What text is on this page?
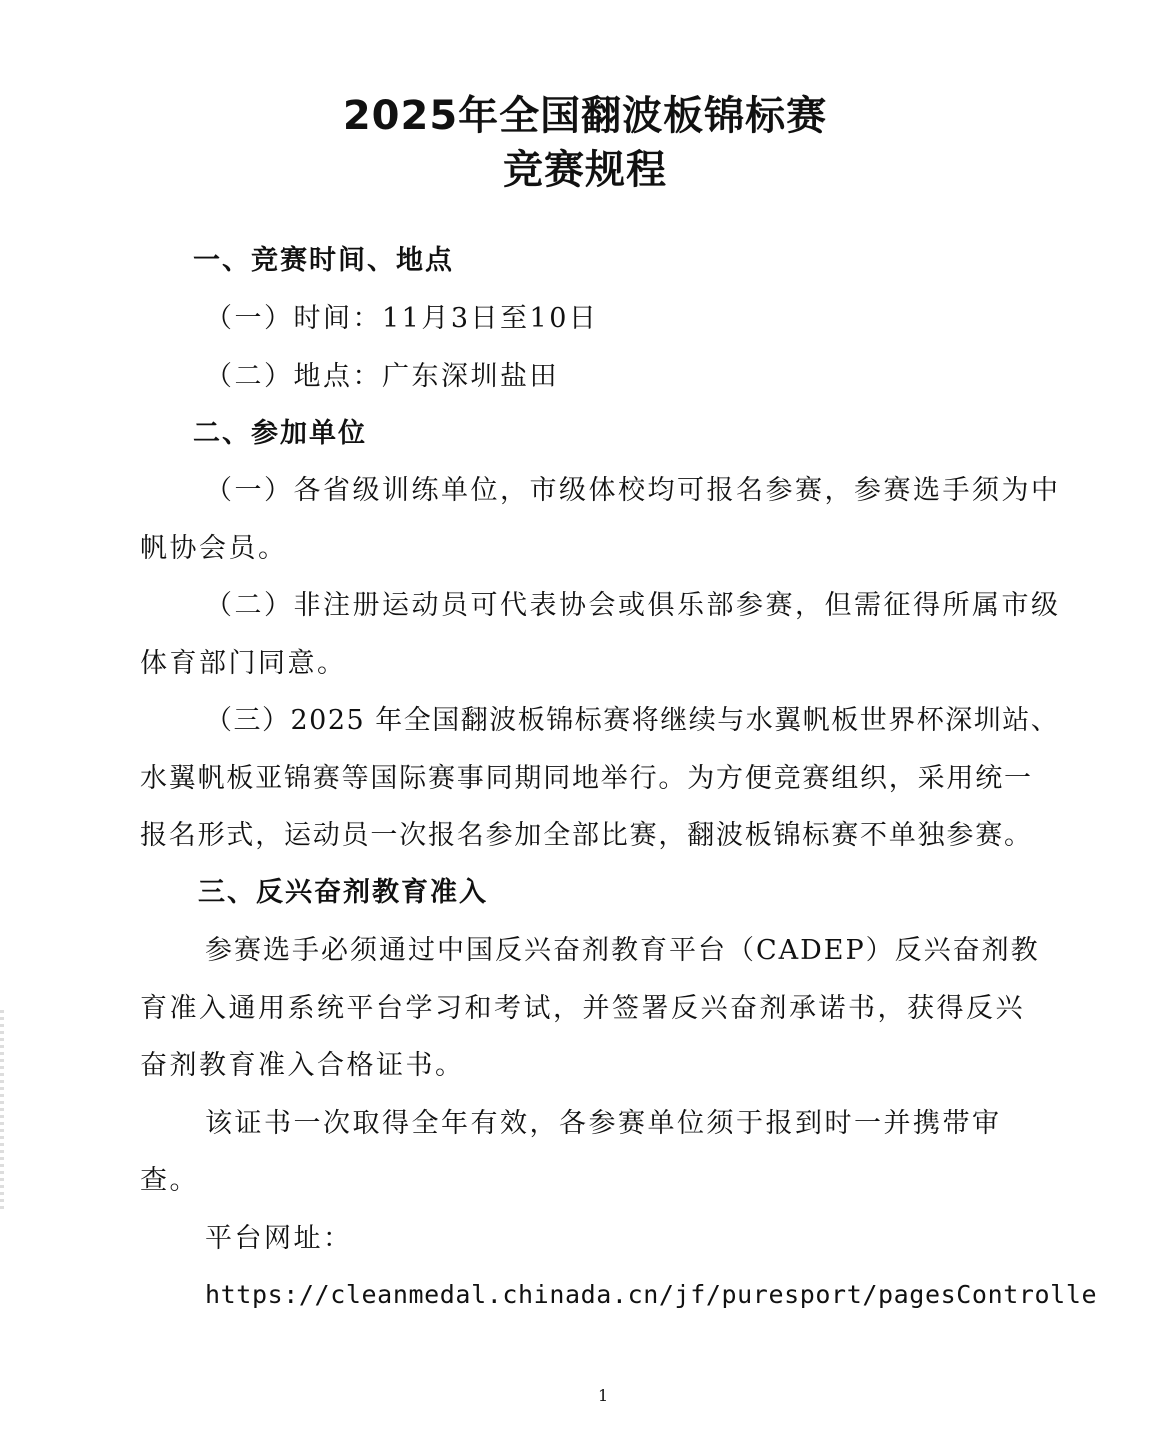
2025年全国翻波板锦标赛
竞赛规程
一、竞赛时间、地点
（一）时间：11月3日至10日
（二）地点：广东深圳盐田
二、参加单位
（一）各省级训练单位，市级体校均可报名参赛，参赛选手须为中
帆协会员。
（二）非注册运动员可代表协会或俱乐部参赛，但需征得所属市级
体育部门同意。
（三）2025 年全国翻波板锦标赛将继续与水翼帆板世界杯深圳站、
水翼帆板亚锦赛等国际赛事同期同地举行。为方便竞赛组织，采用统一
报名形式，运动员一次报名参加全部比赛，翻波板锦标赛不单独参赛。
三、反兴奋剂教育准入
参赛选手必须通过中国反兴奋剂教育平台（CADEP）反兴奋剂教
育准入通用系统平台学习和考试，并签署反兴奋剂承诺书，获得反兴
奋剂教育准入合格证书。
该证书一次取得全年有效，各参赛单位须于报到时一并携带审
查。
平台网址：
https://cleanmedal.chinada.cn/jf/puresport/pagesControlle
1
